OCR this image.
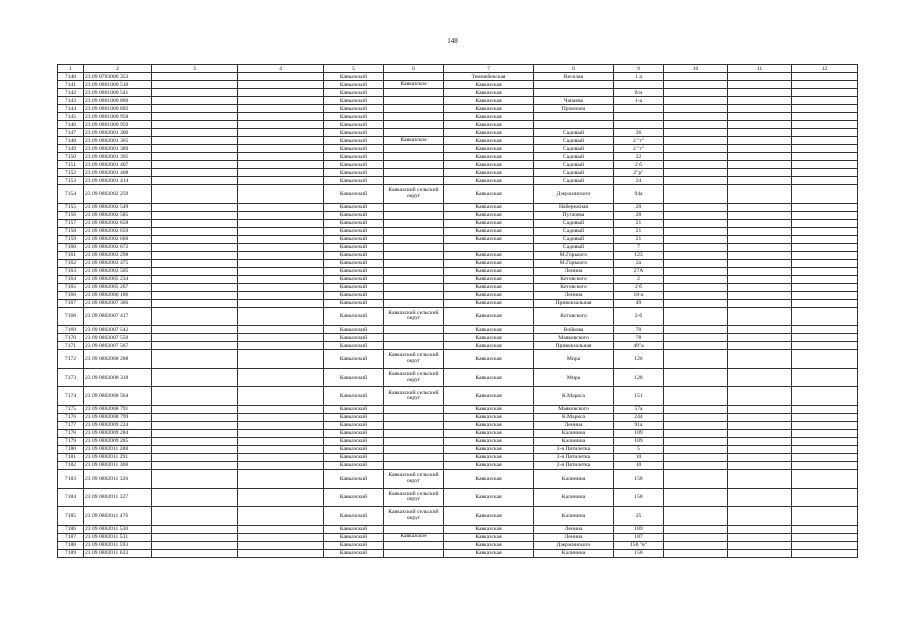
148
1	2	3	4	5	6	7	8	9	10	11	12
7140	23 09 0703006 353			Кавказский		Темижбекская	Веселая	1 а			
7141	23 09 0801000 510			Кавказский	Кавказское	Кавказская					
7142	23 09 0801000 541			Кавказский		Кавказская		б/н			
7143	23 09 0801000 860			Кавказский		Кавказская	Чапаева	1-а			
7144	23 09 0801000 892			Кавказский		Кавказская	Промзона				
7145	23 09 0801000 958			Кавказский		Кавказская					
7146	23 09 0801000 959			Кавказский		Кавказская					
7147	23 09 0802001 300			Кавказский		Кавказская	Садовый	26			
7148	23 09 0802001 365			Кавказский	Кавказское	Кавказская	Садовый	2 "г"			
7149	23 09 0802001 389			Кавказский		Кавказская	Садовый	2 "г"			
7150	23 09 0802001 395			Кавказский		Кавказская	Садовый	22			
7151	23 09 0802001 407			Кавказский		Кавказская	Садовый	2 б			
7152	23 09 0802001 408			Кавказский		Кавказская	Садовый	2"р"			
7153	23 09 0802001 414			Кавказский		Кавказская	Садовый	24			
7154	23 09 0802002 259			Кавказский	Кавказский сельский округ	Кавказская	Дзержинского	94а			
7155	23 09 0802002 549			Кавказский		Кавказская	Набережная	20			
7156	23 09 0802002 585			Кавказский		Кавказская	Пугачева	28			
7157	23 09 0802002 658			Кавказский		Кавказская	Садовый	21			
7158	23 09 0802002 659			Кавказский		Кавказская	Садовый	21			
7159	23 09 0802002 660			Кавказский		Кавказская	Садовый	21			
7160	23 09 0802002 672			Кавказский			Садовый	7			
7161	23 09 0802003 298			Кавказский		Кавказская	М.Горького	123			
7162	23 09 0802003 475			Кавказский		Кавказская	М.Горького	2а			
7163	23 09 0802003 505			Кавказский		Кавказская	Ленина	27А			
7164	23 09 0802005 234			Кавказский		Кавказская	Котовского	2			
7165	23 09 0802005 267			Кавказский		Кавказская	Котовского	2 б			
7166	23 09 0802006 186			Кавказский		Кавказская	Ленина	10-а			
7167	23 09 0802007 366			Кавказский		Кавказская	Привокзальная	49			
7168	23 09 0802007 417			Кавказский	Кавказский сельский округ	Кавказская	Котовского	2-б			
7169	23 09 0802007 542			Кавказский		Кавказская	Войкова	70			
7170	23 09 0802007 550			Кавказский		Кавказская	Маяковского	78			
7171	23 09 0802007 567			Кавказский		Кавказская	Привокзальная	49"а			
7172	23 09 0802008 288			Кавказский	Кавказский сельский округ	Кавказская	Мира	126			
7173	23 09 0802008 318			Кавказский	Кавказский сельский округ	Кавказская	Мира	128			
7174	23 09 0802008 564			Кавказский	Кавказский сельский округ	Кавказская	К.Маркса	151			
7175	23 09 0802008 791			Кавказский		Кавказская	Маяковского	57а			
7176	23 09 0802008 799			Кавказский		Кавказская	К.Маркса	244			
7177	23 09 0802009 224			Кавказский		Кавказская	Ленина	91а			
7178	23 09 0802009 284			Кавказский		Кавказская	Калинина	109			
7179	23 09 0802009 285			Кавказский		Кавказская	Калинина	109			
7180	23 09 0802011 288			Кавказский		Кавказская	2-я Пятилетка	5			
7181	23 09 0802011 291			Кавказский		Кавказская	2-я Пятилетка	10			
7182	23 09 0802011 308			Кавказский		Кавказская	2-я Пятилетка	10			
7183	23 09 0802011 326			Кавказский	Кавказский сельский округ	Кавказская	Калинина	158			
7184	23 09 0802011 327			Кавказский	Кавказский сельский округ	Кавказская	Калинина	158			
7185	23 09 0802011 476			Кавказский	Кавказский сельский округ	Кавказская	Калинина	25			
7186	23 09 0802011 530			Кавказский		Кавказская	Ленина	189			
7187	23 09 0802011 531			Кавказский	Кавказское	Кавказская	Ленина	187			
7188	23 09 0802011 593			Кавказский		Кавказская	Дзержинского	158 "в"			
7189	23 09 0802011 633			Кавказский		Кавказская	Калинина	158			
